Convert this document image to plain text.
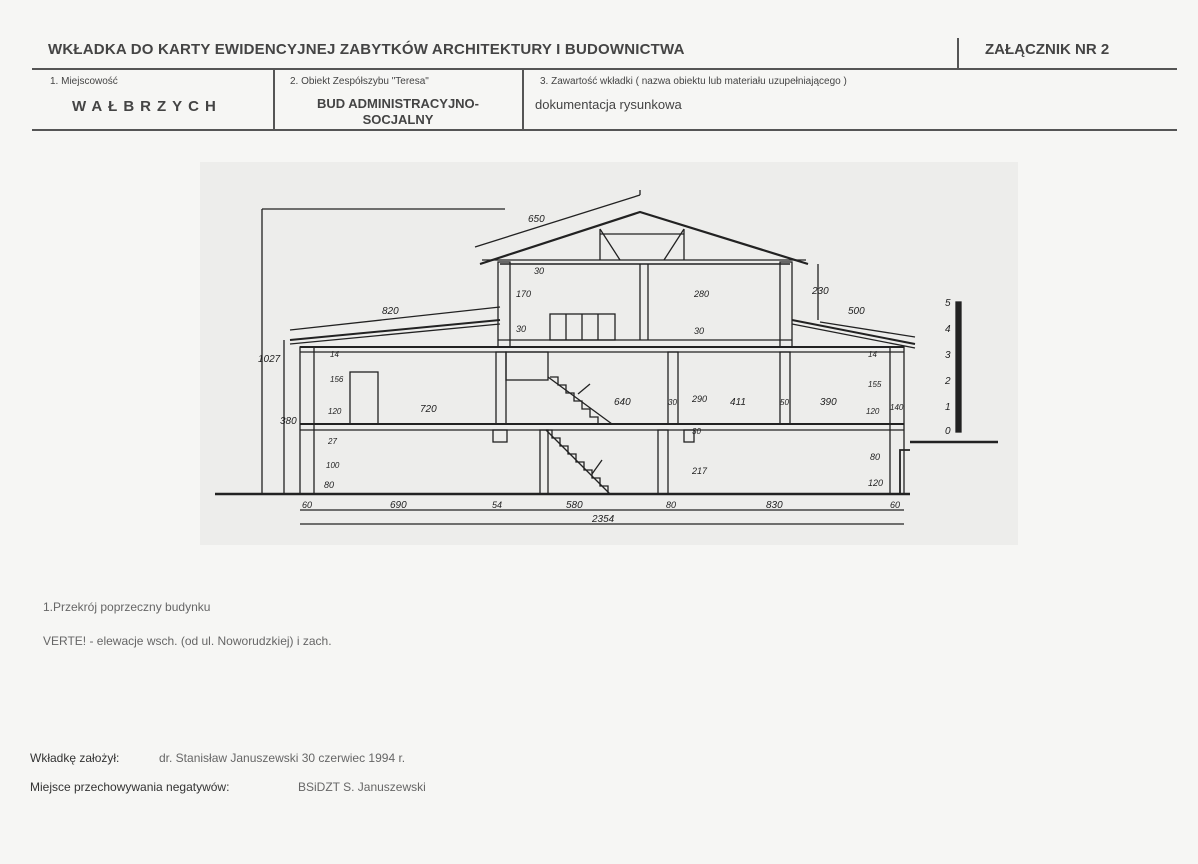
WKŁADKA DO KARTY EWIDENCYJNEJ ZABYTKÓW ARCHITEKTURY I BUDOWNICTWA	ZAŁĄCZNIK NR 2
1. Miejscowość
WAŁBRZYCH
2. Obiekt Zespółszybu "Teresa"
BUD ADMINISTRACYJNO-
SOCJALNY
3. Zawartość wkładki ( nazwa obiektu lub materiału uzupełniającego )
dokumentacja rysunkowa
650
820	500
230
1027
380
170
30
30
280
30
156
14
120
27
100
80
720
640	30 290 411	50	390
155
14
120 140
217
30
80
120
60	690	54	580	80	830	60
2354
0
1
2
3
4
5
1.Przekrój poprzeczny budynku
VERTE! - elewacje wsch. (od ul. Noworudzkiej) i zach.
Wkładkę założył:	dr. Stanisław Januszewski 30 czerwiec 1994 r.
Miejsce przechowywania negatywów:	BSiDZT S. Januszewski
